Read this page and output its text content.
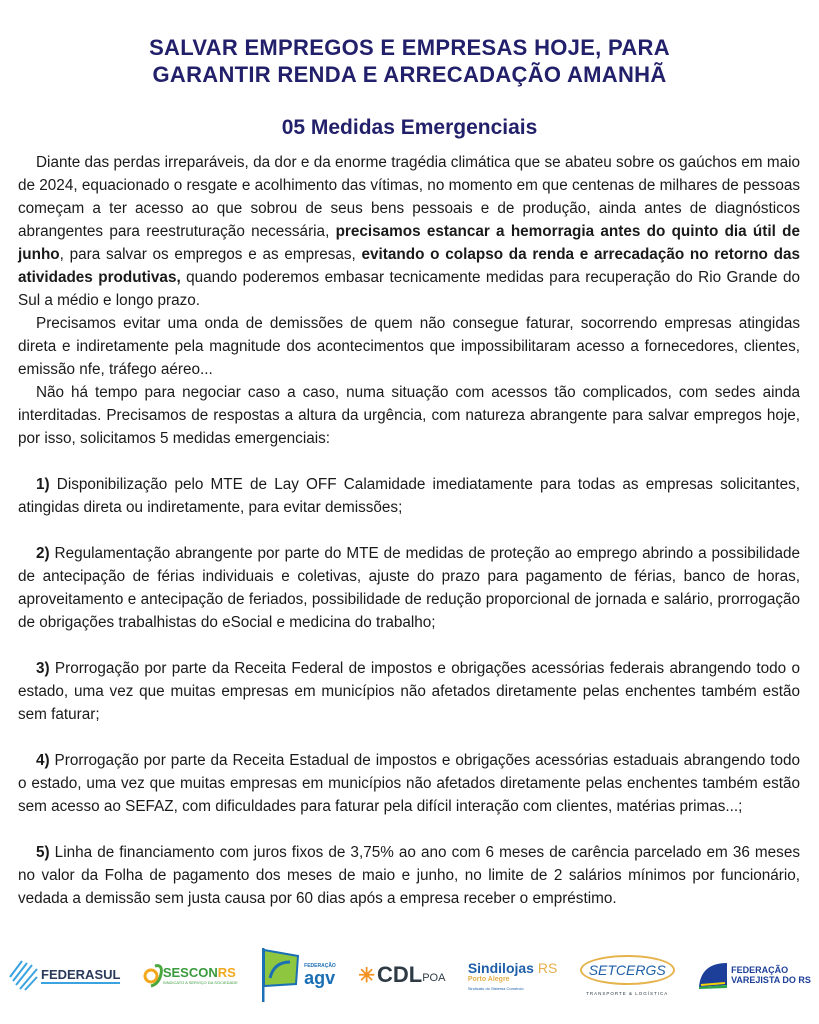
SALVAR EMPREGOS E EMPRESAS HOJE, PARA
GARANTIR RENDA E ARRECADAÇÃO AMANHÃ
05 Medidas Emergenciais

Diante das perdas irreparáveis, da dor e da enorme tragédia climática que se abateu sobre os gaúchos em maio de 2024, equacionado o resgate e acolhimento das vítimas, no momento em que centenas de milhares de pessoas começam a ter acesso ao que sobrou de seus bens pessoais e de produção, ainda antes de diagnósticos abrangentes para reestruturação necessária, precisamos estancar a hemorragia antes do quinto dia útil de junho, para salvar os empregos e as empresas, evitando o colapso da renda e arrecadação no retorno das atividades produtivas, quando poderemos embasar tecnicamente medidas para recuperação do Rio Grande do Sul a médio e longo prazo.

Precisamos evitar uma onda de demissões de quem não consegue faturar, socorrendo empresas atingidas direta e indiretamente pela magnitude dos acontecimentos que impossibilitaram acesso a fornecedores, clientes, emissão nfe, tráfego aéreo...

Não há tempo para negociar caso a caso, numa situação com acessos tão complicados, com sedes ainda interditadas. Precisamos de respostas a altura da urgência, com natureza abrangente para salvar empregos hoje, por isso, solicitamos 5 medidas emergenciais:

1) Disponibilização pelo MTE de Lay OFF Calamidade imediatamente para todas as empresas solicitantes, atingidas direta ou indiretamente, para evitar demissões;

2) Regulamentação abrangente por parte do MTE de medidas de proteção ao emprego abrindo a possibilidade de antecipação de férias individuais e coletivas, ajuste do prazo para pagamento de férias, banco de horas, aproveitamento e antecipação de feriados, possibilidade de redução proporcional de jornada e salário, prorrogação de obrigações trabalhistas do eSocial e medicina do trabalho;

3) Prorrogação por parte da Receita Federal de impostos e obrigações acessórias federais abrangendo todo o estado, uma vez que muitas empresas em municípios não afetados diretamente pelas enchentes também estão sem faturar;

4) Prorrogação por parte da Receita Estadual de impostos e obrigações acessórias estaduais abrangendo todo o estado, uma vez que muitas empresas em municípios não afetados diretamente pelas enchentes também estão sem acesso ao SEFAZ, com dificuldades para faturar pela difícil interação com clientes, matérias primas...;

5) Linha de financiamento com juros fixos de 3,75% ao ano com 6 meses de carência parcelado em 36 meses no valor da Folha de pagamento dos meses de maio e junho, no limite de 2 salários mínimos por funcionário, vedada a demissão sem justa causa por 60 dias após a empresa receber o empréstimo.

FEDERASUL	SESCONRS
SINDICATO A SERVIÇO DA SOCIEDADE
FEDERAÇÃO
agv ✳ CDL POA
Sindilojas RS
Porto Alegre
Sindicato do Sistema Comércio
SETCERGS
TRANSPORTE & LOGÍSTICA
FEDERAÇÃO
VAREJISTA DO RS
